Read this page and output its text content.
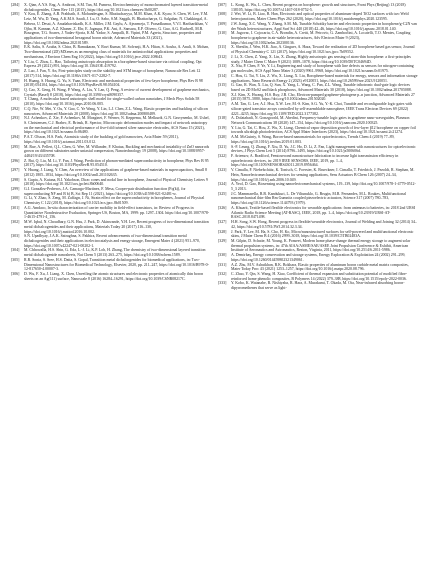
[284]	X. Qian, A.Y.S. Eng, A. Ambrosi, S.M. Tan, M. Pumera, Electrochemistry of monochromated layered transition-metal dichalcogenides, Chem Rev 115 (2015), https://doi.org/10.1021/acs.chemrev.5b00287.

[285]	Y. Kou, E. Zhang, A.B. Prabhath, A. Mohandesgan, S. Bhattacharyya, M.M. Khan, A.K. Kyaw, S. Chen, W. Lee, Y.M. Leiz, M. Wu, D. Yang, A.K.M.S. Saadi, J. Lu, O. Sabo, S.M. Saggik, B. Bhattacharya, G. Salgabar, N. Chakkingal, A. Behera, U. Desai, A. Anudabaviskadh, K.A. Miller, J.M. Gaylu, A. Ajearmeja, T. Prasadkumar, V.V.I. Hariharikhan, V. Ojha, H. Kannan, A.Z. Khaner, Z. Ehr, E. Jagaupa, P.K. Ani, A. Sansara, E.P. Olivero, G. Guo, A.G. Rudwell, M.R. Bourgeon, T.G. Soares, J. Yadav-Sjoria, K.M. Yadav, S. Ampalli, R. Vipini, P.M. Agreta, Structure, properties and applications of two-dimensional hexagonal boron nitride, Advanced Materials 33 (2021), https://doi.org/10.1002/adma.202101589.

[286]	E.K. Saliu, S. Aouba, S. Chira, B. Ramakaran, Y. Ravi Kumar, M. Solvanji, H.A. Hitan, S. Aouba, A. Anuli, S. Mohan, Two-dimensional (2D) MXenes as an emerging class of materials for antimicrobial applications: properties and mechanisms, J Environ Chem Eng 10 (2022), https://doi.org/10.1016/j.jece.2022.108643.

[287]	Y. Liu, C. Zhou, L. Hao, Tailoring anisotropic absorption in a borophene-based structure via critical coupling, Opt Express 29 (2021) 891, https://doi.org/10.1364/OE.419792.

[288]	Z. Luo, J. Fan, Y. An, First-principles study on the stability and STM image of borophene, Nanoscale Res Lett 12 (2017) 514, https://doi.org/10.1186/s11671-017-2282-7.

[289]	H. Huang, S. Huang, G. Yu, S. Yuan, Electronic and mechanical properties of few-layer borophene, Phys Rev B 98 (2018) 054104, https://doi.org/10.1103/PhysRevB.98.054104.

[290]	Q. Cao, X. Geng, H. Wang, P. Wang, A. Liu, Y. Lan, Q. Peng, A review of current development of graphene mechanics, Crystals (Basel) 8 (2018), https://doi.org/10.3390/cryst8090357.

[291]	T. Chang, A molecular based anisotropic shell model for single-walled carbon nanotubes, J Mech Phys Solids 58 (2010), https://doi.org/10.1016/j.jmps.2010.06.005.

[292]	C.Q. Nie, W. Mei, Y. Ou, Y. Gao, C. Ye Wang, Y. Lin, L.J. Chen, Z.L. Wang, Elastic properties and buckling of silicon nanowires, Advanced Materials 20 (2008), https://doi.org/10.1002/adma.200800489.

[293]	N.J. Achenkov, Z. Xie, F. Achenkov, M. Mozginet, F. Werner, N. Keppema, M. Melkurdt, G.N. Gavrynenko, M. Ushel, S. Christensen, C.J. Brabec, E. Brinsk, R. Spector, Microscopic deformation modes and impact of network anisotropy on the mechanical and electrical performance of five-fold twinned silver nanowire electrodes, ACS Nano 15 (2021), https://doi.org/10.1021/acsnano.0c06480.

[294]	P.A.T. Olsson, H.S. Park, Atomistic study of the buckling of gold nanowires, Acta Mater 59 (2011), https://doi.org/10.1016/j.actamat.2011.03.012.

[295]	M. Rue, A. Pellert, Q.L. Chen, G. Wee, M. Willander, F. Khatua, Buckling and mechanical instability of ZnO nanorods grown on different substrates under uniaxial compression, Nanotechnology 19 (2008), https://doi.org/10.1088/0957-4484/19/43/435708.

[296]	Z. Bai, Q. Liu, M. Li, Y. Fan, J. Wang, Prediction of phonon-mediated superconductivity in borophene, Phys Rev B 95 (2017), https://doi.org/10.1103/PhysRevB.95.054510.

[297]	Y. Huang, J. Liang, Y. Chen, An overview of the applications of graphene-based materials in supercapacitors, Small 8 (2012) 1805–1834, https://doi.org/10.1002/smll.201102635.

[298]	S. Gupta, A. Kutana, B.I. Yakobson, Dirac cones and nodal line in borophene, Journal of Physical Chemistry Letters 9 (2018), https://doi.org/10.1021/acs.jpclett.8b00640.

[299]	G.I. González-Pedreros, J.A. Camargo-Martinez, F. Mesa, Cooper-pair distribution function (Fq(k)), for superconducting NF and B b) B, Sci Rep 11 (2021), https://doi.org/10.1038/s41598-021-02481-w.

[300]	G. Li, Y. Zhao, S. Zeng, M. Zaffagn, J. Ni, Strain effect on the superconductivity in borophenes, Journal of Physical Chemistry C 122 (2018), https://doi.org/10.1021/acs.jpcc.8b01509.

[301]	A.G. Amdaco, In-situ characterization of carrier mobility in field-effect transistors, in: Review of Progress in Quantitative Nondestructive Evaluation, Springer US, Boston, MA, 1999: pp. 1297–1304. https://doi.org/10.1007/978-1-4615-4791-4_156.

[302]	M.W. Iqbal, N. Choudhary, G.N. Hsu, J. Park, D. Akinwande, Y.H. Lee, Recent progress of two-dimensional transition metal dichalcogenides and their applications, Materials Today 20 (2017) 116–130, https://doi.org/10.1016/j.mattod.2016.10.002.

[303]	S.N. Upadhyay, J.A.K. Satrughna, S. Pakhira, Recent advancements of two-dimensional transition metal dichalcogenides and their applications in electrocatalysis and energy storage, Emergent Mater 4 (2021) 951–970, https://doi.org/10.1007/s42247-021-00202-1.

[304]	M. Chhowalla, H.S. Shin, G. Eda, L.-J. Li, K.P. Loh, H. Zhang, The chemistry of two-dimensional layered transition metal dichalcogenide nanosheets, Nat Chem 5 (2013) 263–275, https://doi.org/10.1038/nchem.1589.

[305]	R.R. Sonia, S. Sree, H.S. Datta, S. Gopal, Transition metal dichalcogenides for biomedical applications, in: Two-Dimensional Nanostructures for Biomedical Technology, Elsevier, 2020, pp. 211–247, https://doi.org/10.1016/B978-0-12-817650-4.00007-3.

[306]	D. Wu, F. Xu, J. Liang, X. Chen, Unveiling the atomic structures and electronic properties of atomically thin boron sheets on an Ag(111) surface, Nanoscale 8 (2016) 16284–16291, https://doi.org/10.1039/C6NR08217C.

[307]	L. Kong, K. Wu, L. Chen, Recent progress on borophene: growth and structures, Front Phys (Beijing) 13 (2018) 138105, https://doi.org/10.1007/s11467-018-0752-5.

[308]	J. Wei, W. Li, B. Liao, B. Han, Electronic and optical properties of aluminum-doped TiO2 surfaces with two Weld heterojunctions, Mater Chem Phys 262 (2020), https://doi.org/10.1016/j.matchemphys.2020.123595.

[309]	J.W. Jiang, X.C. Wang, Y. Zhang, S.M. Mi, Tunable Schottky barrier and electronic properties in borophene/g-C2N van der Waals heterostructures, Appl Surf Sci 440 (2018) 42–46, https://doi.org/10.1016/j.apsusc.2018.01.140.

[310]	M. Jugovac, I. Cojocariu, C.A. Brondin, A. Cretti, M. Petrovic, G. Zamborlini, A. Locatelli, T.O. Mentes, Coupling borophene to graphene in air-stable heterostructures, Adv Electron Mater 9 (2023), https://doi.org/10.1002/aelm.202300136.

[311]	X. Shenlin, J. Wen, H.K. Jiao, A. Ginguer, A. Haza, Toward the realization of 2D borophene based gas sensor, Journal of Physical Chemistry C 121 (2017), https://doi.org/10.1021/acs.jpcc.7b09552.

[312]	J. Li, X. Chen, Z. Yang, X. Lin, X. Zhang, Highly anisotropic gas sensing of atom-thin borophene: a first-principles study, J Mater Chem C Mater 9 (2021) 1089–1078, https://doi.org/10.1039/D0TC04694D.

[313]	X. Niu, P. Chen, F. Ye, Y. Li, Engineering and study of borophene with line defects as sensors for nitrogen-containing gas molecules, ACS Appl Nano Mater 3 (2020) 9961–9968, https://doi.org/10.1021/acsanm.0c01975.

[314]	C. Hou, G. Tai, Y. Liu, Z. Wu, X. Liang, X. Liu, Borophene-based materials for energy, sensors and information storage applications, Nano Research Energy 2 (2023) e9120051, https://doi.org/10.26599/nre.2023.9120051.

[315]	G. Gao, R. Wan, X. Liu, Q. Sun, X. Yang, L. Wang, C. Pan, Z.L. Wang, Tunable tribotronic dual-gate logic devices based on 2D MoS2 and black phosphorus, Advanced Materials 30 (2018), https://doi.org/10.1002/adma.201705088.

[316]	X.J. Kim, X. Hwang, H.S. Ruy, J.B. Cho, Electron-pumped graphene-photogene p–n junction, Advanced Materials 27 (2015) 5875–5880, https://doi.org/10.1002/adma.201502020.

[317]	A.M. Tan, G. Lee, A.J. Hsu, X.W. Lee, M.-S. Kim, S.G. Yu, Y.-K. Choi, Tunable and reconfigurable logic gates with silicon-gated transistor arrays controlled by self-assemblable nanosphere, IEEE Trans Electron Devices 69 (2022) 4221–4235, https://doi.org/10.1109/TED.2022.3177382.

[318]	A. Dolatabadi, N. Gonzgoorld, M. Abedini, Frequency-tunable logic gates in graphene nano-waveguides, Plasmon Network Communications 38 (2020) 147–154, https://doi.org/10.1016/j.nancom.2020.100325.

[319]	Y. Liu, G. Tai, C. Hou, Z. Wu, X. Liang, Chemical vapor deposition growth of few-layer β12 borophene on copper foil towards ultrahigh photodetection, ACS Appl Mater Interfaces (2023), https://doi.org/10.1021/acsami.2c21274.

[320]	A.M. McGuinty, S. Wang, Boron-based nanomaterials for optoelectronics, Trends Chem 4 (2019) 77–89, https://doi.org/10.1016/j.trechm.2019.01.003.

[321]	S.-F. Leung, Q. Zhang, F. Xiu, D. Yu, J.C. Ho, D. Li, Z. Fan, Light management with nanostructures for optoelectronic devices, J Phys Chem Lett 5 (2014) 8796–1495, https://doi.org/10.1021/jz500606d.

[322]	F. Artemov, A. Bradford, Femtosecond nanostructure fabrication to increase light transmission efficiency in optoelectronic devices, in: 2019 IEEE SENSORS, IEEE, 2019, pp. 1–4, https://doi.org/10.1109/SENSORS43011.2019.8956464.

[323]	V. Cimalla, F. Niebelschütz, K. Tonisch, C. Foerster, K. Brueckner, I. Cimalla, T. Friedrich, J. Pezoldt, R. Stephan, M. Hein, Nanoelectromechanical devices for sensing applications, Sens Actuators B Chem 126 (2007) 24–34, https://doi.org/10.1016/j.snb.2006.10.049.

[324]	A. Yeol, D. Gao, Biosensing using nanoelectromechanical systems, 119–139, http://doi.org/10.1007/978-1-4779-0512-5_3 2013.

[325]	J.C. Mammarella, R.B. Kandukuri, L. De Viltunuklo, G. Brugin, M.R. Fernandes, M.L. Roukes, Multifunctional nanomechanical thin-film Rm Gumnitz coupled piezoelectric actuators, Science 317 (2007) 780–783, https://doi.org/10.1126/science.1144793 (1979).

[326]	A. Khuarit, Textile-based flexible electronics for wearable applications: from antennas to batteries, in: 2018 2nd URSI Atlantic Radio Science Meeting (AT-RASC), IEEE, 2018, pp. 1–4, https://doi.org/10.23919/URSI-AT-RASC.2018.8471498.

[327]	H.H. Song, S.W. Hong, Recent progress in flexible/wearable electronics, Journal of Welding and Joining 32 (2014) 34–42, https://doi.org/10.5781/JWJ.2014.32.3.34.

[328]	J. Park, Y. Lee, M. Ha, S. Cho, H. Ko, Micro/nanostructured surfaces for self-powered and multifunctional electronic skins, J Mater Chem B 4 (2016) 2999–3018, https://doi.org/10.1039/C5TB02483A.

[329]	M. Gilpin, D. Schatte, M. Young, K. Ponseet, Modern home phase-change thermal energy storage to augment solar thermal propulsion systems, in: 47th AIAA/ASME/SAE/ASEE Joint Propulsion Conference & Exhibit, American Institute of Aeronautics and Astronautics, Reston, Virginia, 2011, https://doi.org/10.2514/6.2011-5986.

[330]	A. Demirbaş, Energy conservation and storage systems, Energy Exploration & Exploitation 24 (2002) 291–299, https://doi.org/10.1260/014459802321349061.

[331]	A.Z. Zhu, M.V. Ashutkhan, B.K. Bokhara, Elastic properties of aluminum boron carbide metal matrix composites, Mater Today Proc 43 (2021) 1253–1257, https://doi.org/10.1016/j.matpr.2020.08.796.

[332]	C. Zhao, Y. Qin, S. Wang, H. Xiao, Coefficient of thermal expansion and substitution potential of modified fibre-reinforced home phenolic composites, B Polymers 14 (2022) 379–388, https://doi.org/10.1515/epoly-2022-0036.

[333]	Y. Kobo, K. Watanabe, R. Nishiyaba, R. Hara, A. Murakami, T. Okada, M. Ota, Near-infrared absorbing boron-dipyrromethenes that serve as light-
